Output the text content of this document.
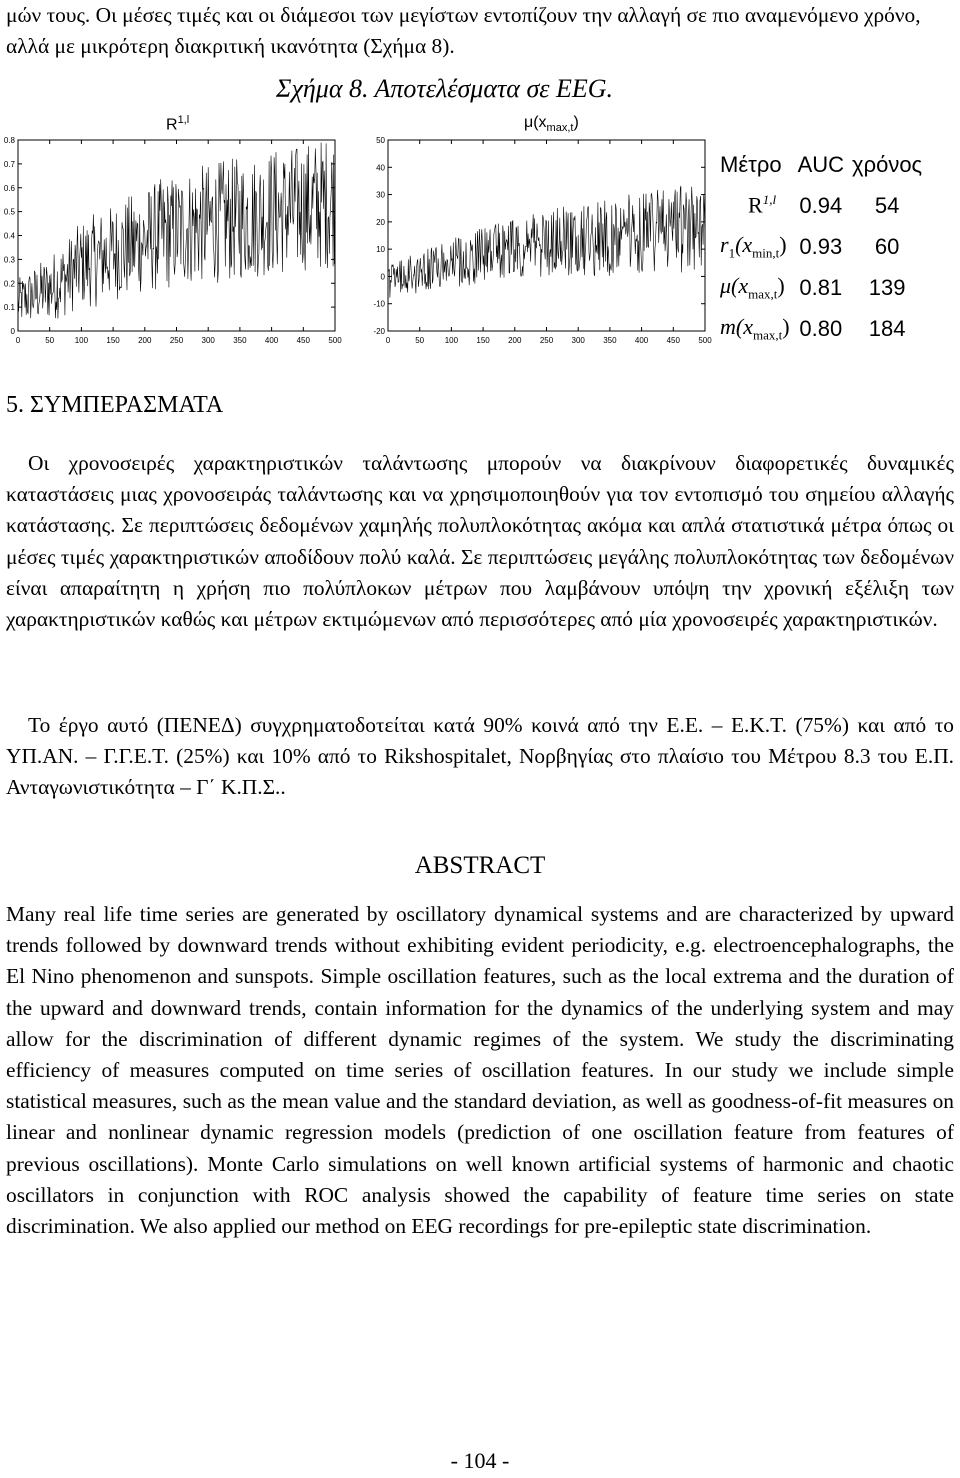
μών τους. Οι μέσες τιμές και οι διάμεσοι των μεγίστων εντοπίζουν την αλλαγή σε πιο αναμενόμενο χρόνο, αλλά με μικρότερη διακριτική ικανότητα (Σχήμα 8).

Σχήμα 8. Αποτελέσματα σε EEG.
R$^{1,l}$
0	50	100 150 200 250 300 350 400 450 500
0
0.1
0.2
0.3
0.4
0.5
0.6
0.7
0.8
$\mu(x_{max,t})$
0	50	100 150 200 250 300 350 400 450 500
-20
-10
0
10
20
30
40
50
Μέτρο	AUC	χρόνος
R$^{1,l}$	0.94	54
$r_1(x_{min,t})$	0.93	60
$\mu(x_{max,t})$	0.81	139
$m(x_{max,t})$	0.80	184
5. ΣΥΜΠΕΡΑΣΜΑΤΑ

Οι χρονοσειρές χαρακτηριστικών ταλάντωσης μπορούν να διακρίνουν διαφορετικές δυναμικές καταστάσεις μιας χρονοσειράς ταλάντωσης και να χρησιμοποιηθούν για τον εντοπισμό του σημείου αλλαγής κατάστασης. Σε περιπτώσεις δεδομένων χαμηλής πολυπλοκότητας ακόμα και απλά στατιστικά μέτρα όπως οι μέσες τιμές χαρακτηριστικών αποδίδουν πολύ καλά. Σε περιπτώσεις μεγάλης πολυπλοκότητας των δεδομένων είναι απαραίτητη η χρήση πιο πολύπλοκων μέτρων που λαμβάνουν υπόψη την χρονική εξέλιξη των χαρακτηριστικών καθώς και μέτρων εκτιμώμενων από περισσότερες από μία χρονοσειρές χαρακτηριστικών.

Το έργο αυτό (ΠΕΝΕΔ) συγχρηματοδοτείται κατά 90% κοινά από την Ε.Ε. – Ε.Κ.Τ. (75%) και από το ΥΠ.ΑΝ. – Γ.Γ.Ε.Τ. (25%) και 10% από το Rikshospitalet, Νορβηγίας στο πλαίσιο του Μέτρου 8.3 του Ε.Π. Ανταγωνιστικότητα – Γ΄ Κ.Π.Σ..

ABSTRACT

Many real life time series are generated by oscillatory dynamical systems and are characterized by upward trends followed by downward trends without exhibiting evident periodicity, e.g. electroencephalographs, the El Nino phenomenon and sunspots. Simple oscillation features, such as the local extrema and the duration of the upward and downward trends, contain information for the dynamics of the underlying system and may allow for the discrimination of different dynamic regimes of the system. We study the discriminating efficiency of measures computed on time series of oscillation features. In our study we include simple statistical measures, such as the mean value and the standard deviation, as well as goodness-of-fit measures on linear and nonlinear dynamic regression models (prediction of one oscillation feature from features of previous oscillations). Monte Carlo simulations on well known artificial systems of harmonic and chaotic oscillators in conjunction with ROC analysis showed the capability of feature time series on state discrimination. We also applied our method on EEG recordings for pre-epileptic state discrimination.

- 104 -
